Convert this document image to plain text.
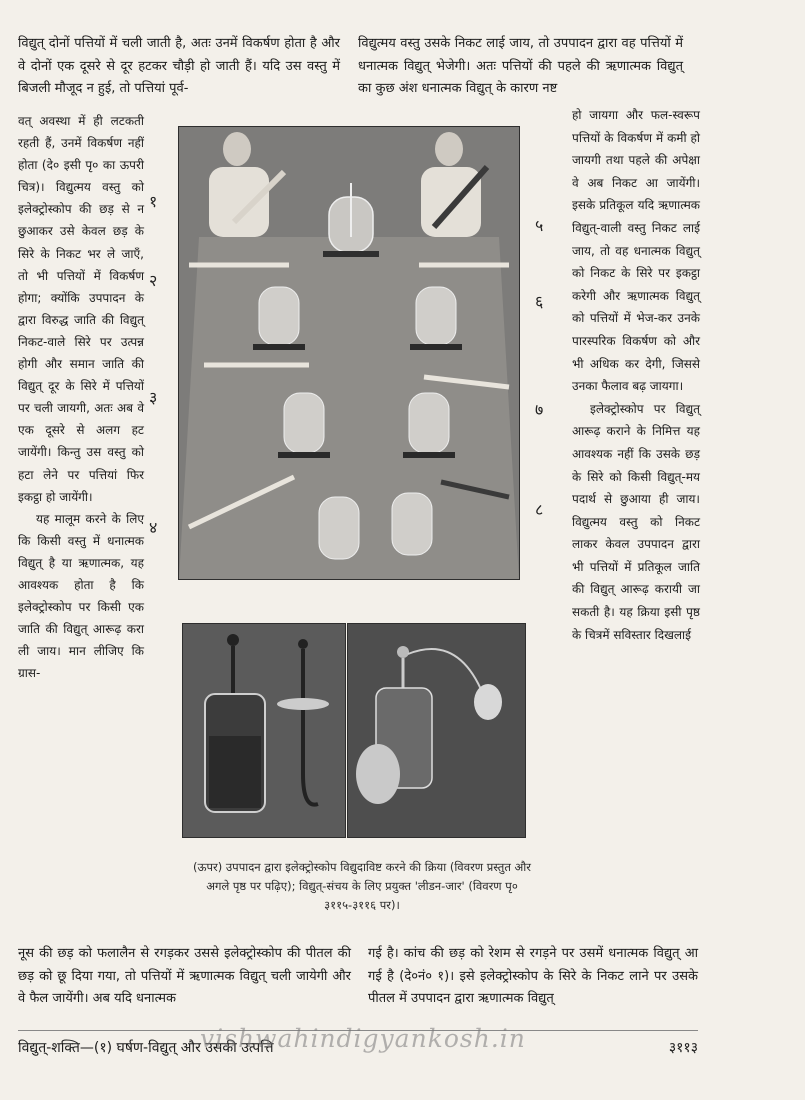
विद्युत् दोनों पत्तियों में चली जाती है, अतः उनमें विकर्षण होता है और वे दोनों एक दूसरे से दूर हटकर चौड़ी हो जाती हैं। यदि उस वस्तु में बिजली मौजूद न हुई, तो पत्तियां पूर्व-
विद्युत्मय वस्तु उसके निकट लाई जाय, तो उपपादन द्वारा वह पत्तियों में धनात्मक विद्युत् भेजेगी। अतः पत्तियों की पहले की ऋणात्मक विद्युत् का कुछ अंश धनात्मक विद्युत् के कारण नष्ट

वत् अवस्था में ही लटकती रहती हैं, उनमें विकर्षण नहीं होता (दे० इसी पृ० का ऊपरी चित्र)। विद्युत्मय वस्तु को इलेक्ट्रोस्कोप की छड़ से न छुआकर उसे केवल छड़ के सिरे के निकट भर ले जाएँ, तो भी पत्तियों में विकर्षण होगा; क्योंकि उपपादन के द्वारा विरुद्ध जाति की विद्युत् निकट-वाले सिरे पर उत्पन्न होगी और समान जाति की विद्युत् दूर के सिरे में पत्तियों पर चली जायगी, अतः अब वे एक दूसरे से अलग हट जायेंगी। किन्तु उस वस्तु को हटा लेने पर पत्तियां फिर इकट्ठा हो जायेंगी।

यह मालूम करने के लिए कि किसी वस्तु में धनात्मक विद्युत् है या ऋणात्मक, यह आवश्यक होता है कि इलेक्ट्रोस्कोप पर किसी एक जाति की विद्युत् आरूढ़ करा ली जाय। मान लीजिए कि ग्रास-

हो जायगा और फल-स्वरूप पत्तियों के विकर्षण में कमी हो जायगी तथा पहले की अपेक्षा वे अब निकट आ जायेंगी। इसके प्रतिकूल यदि ऋणात्मक विद्युत्-वाली वस्तु निकट लाई जाय, तो वह धनात्मक विद्युत् को निकट के सिरे पर इकट्ठा करेगी और ऋणात्मक विद्युत् को पत्तियों में भेज-कर उनके पारस्परिक विकर्षण को और भी अधिक कर देगी, जिससे उनका फैलाव बढ़ जायगा।

इलेक्ट्रोस्कोप पर विद्युत् आरूढ़ कराने के निमित्त यह आवश्यक नहीं कि उसके छड़ के सिरे को किसी विद्युत्-मय पदार्थ से छुआया ही जाय। विद्युत्मय वस्तु को निकट लाकर केवल उपपादन द्वारा भी पत्तियों में प्रतिकूल जाति की विद्युत् आरूढ़ करायी जा सकती है। यह क्रिया इसी पृष्ठ के चित्रमें सविस्तार दिखलाई

१
२
३
४
५
६
७
८
(ऊपर) उपपादन द्वारा इलेक्ट्रोस्कोप विद्युदाविष्ट करने की क्रिया (विवरण प्रस्तुत और अगले पृष्ठ पर पढ़िए); विद्युत्-संचय के लिए प्रयुक्त 'लीडन-जार' (विवरण पृ० ३११५-३११६ पर)।
नूस की छड़ को फलालैन से रगड़कर उससे इलेक्ट्रोस्कोप की पीतल की छड़ को छू दिया गया, तो पत्तियों में ऋणात्मक विद्युत् चली जायेगी और वे फैल जायेंगी। अब यदि धनात्मक
गई है। कांच की छड़ को रेशम से रगड़ने पर उसमें धनात्मक विद्युत् आ गई है (दे०नं० १)। इसे इलेक्ट्रोस्कोप के सिरे के निकट लाने पर उसके पीतल में उपपादन द्वारा ऋणात्मक विद्युत्
विद्युत्-शक्ति—(१) घर्षण-विद्युत् और उसकी उत्पत्ति	३११३
vishwahindigyankosh.in
